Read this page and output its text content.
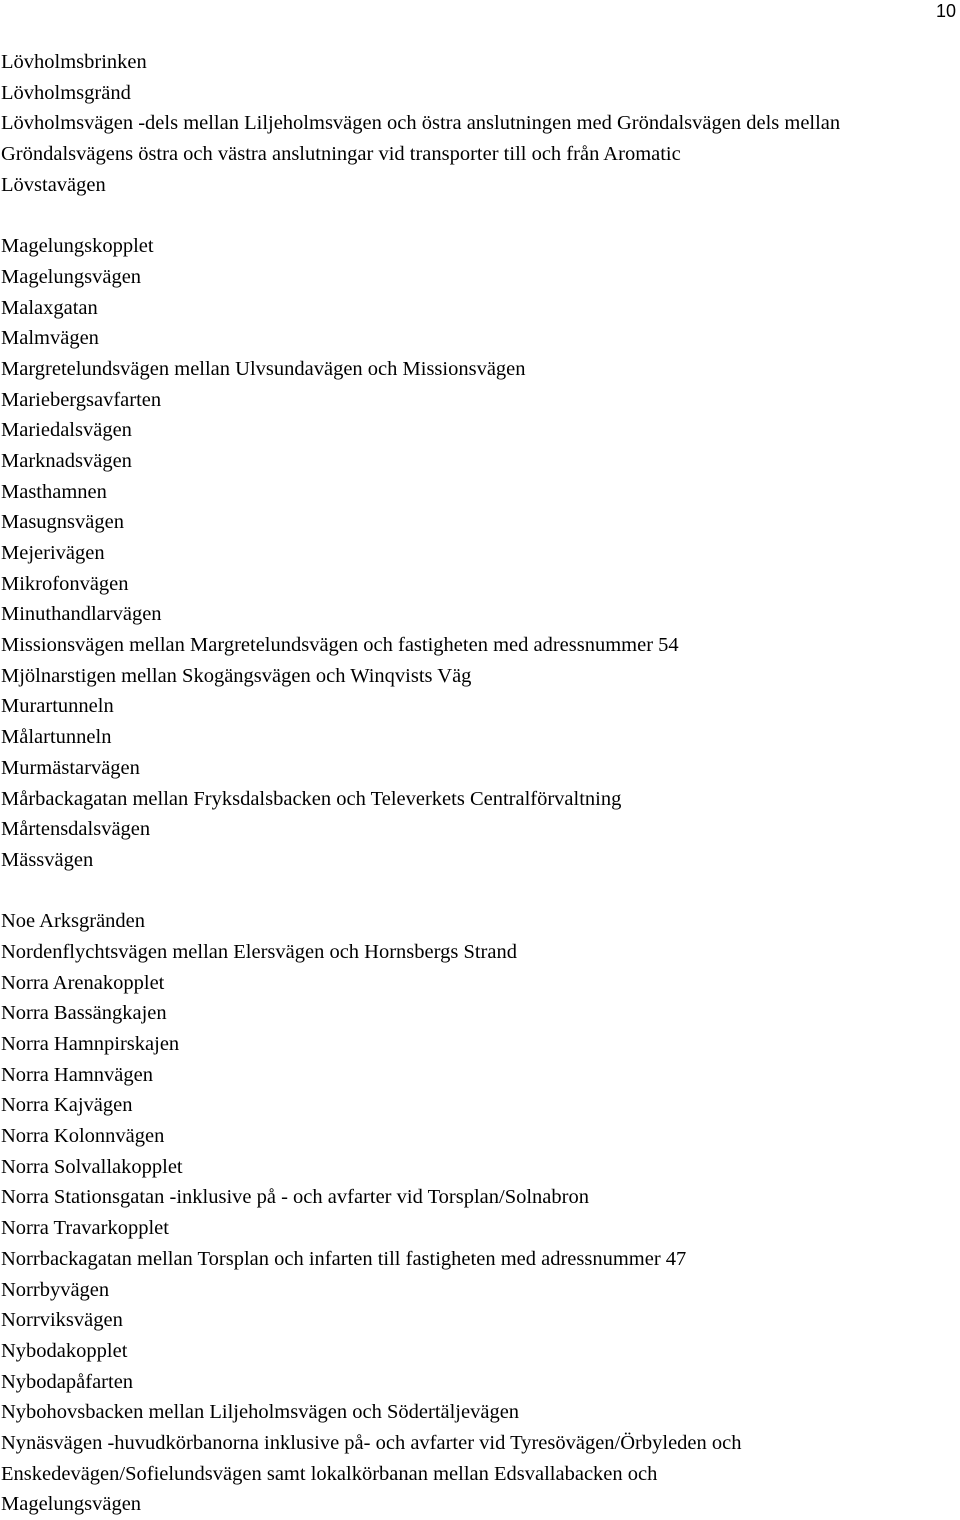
10
Lövholmsbrinken
Lövholmsgränd
Lövholmsvägen -dels mellan Liljeholmsvägen och östra anslutningen med Gröndalsvägen dels mellan
Gröndalsvägens östra och västra anslutningar vid transporter till och från Aromatic
Lövstavägen
Magelungskopplet
Magelungsvägen
Malaxgatan
Malmvägen
Margretelundsvägen mellan Ulvsundavägen och Missionsvägen
Mariebergsavfarten
Mariedalsvägen
Marknadsvägen
Masthamnen
Masugnsvägen
Mejerivägen
Mikrofonvägen
Minuthandlarvägen
Missionsvägen mellan Margretelundsvägen och fastigheten med adressnummer 54
Mjölnarstigen mellan Skogängsvägen och Winqvists Väg
Murartunneln
Målartunneln
Murmästarvägen
Mårbackagatan mellan Fryksdalsbacken och Televerkets Centralförvaltning
Mårtensdalsvägen
Mässvägen
Noe Arksgränden
Nordenflychtsvägen mellan Elersvägen och Hornsbergs Strand
Norra Arenakopplet
Norra Bassängkajen
Norra Hamnpirskajen
Norra Hamnvägen
Norra Kajvägen
Norra Kolonnvägen
Norra Solvallakopplet
Norra Stationsgatan -inklusive på - och avfarter vid Torsplan/Solnabron
Norra Travarkopplet
Norrbackagatan mellan Torsplan och infarten till fastigheten med adressnummer 47
Norrbyvägen
Norrviksvägen
Nybodakopplet
Nybodapåfarten
Nybohovsbacken mellan Liljeholmsvägen och Södertäljevägen
Nynäsvägen -huvudkörbanorna inklusive på- och avfarter vid Tyresövägen/Örbyleden och
Enskedevägen/Sofielundsvägen samt lokalkörbanan mellan Edsvallabacken och
Magelungsvägen
